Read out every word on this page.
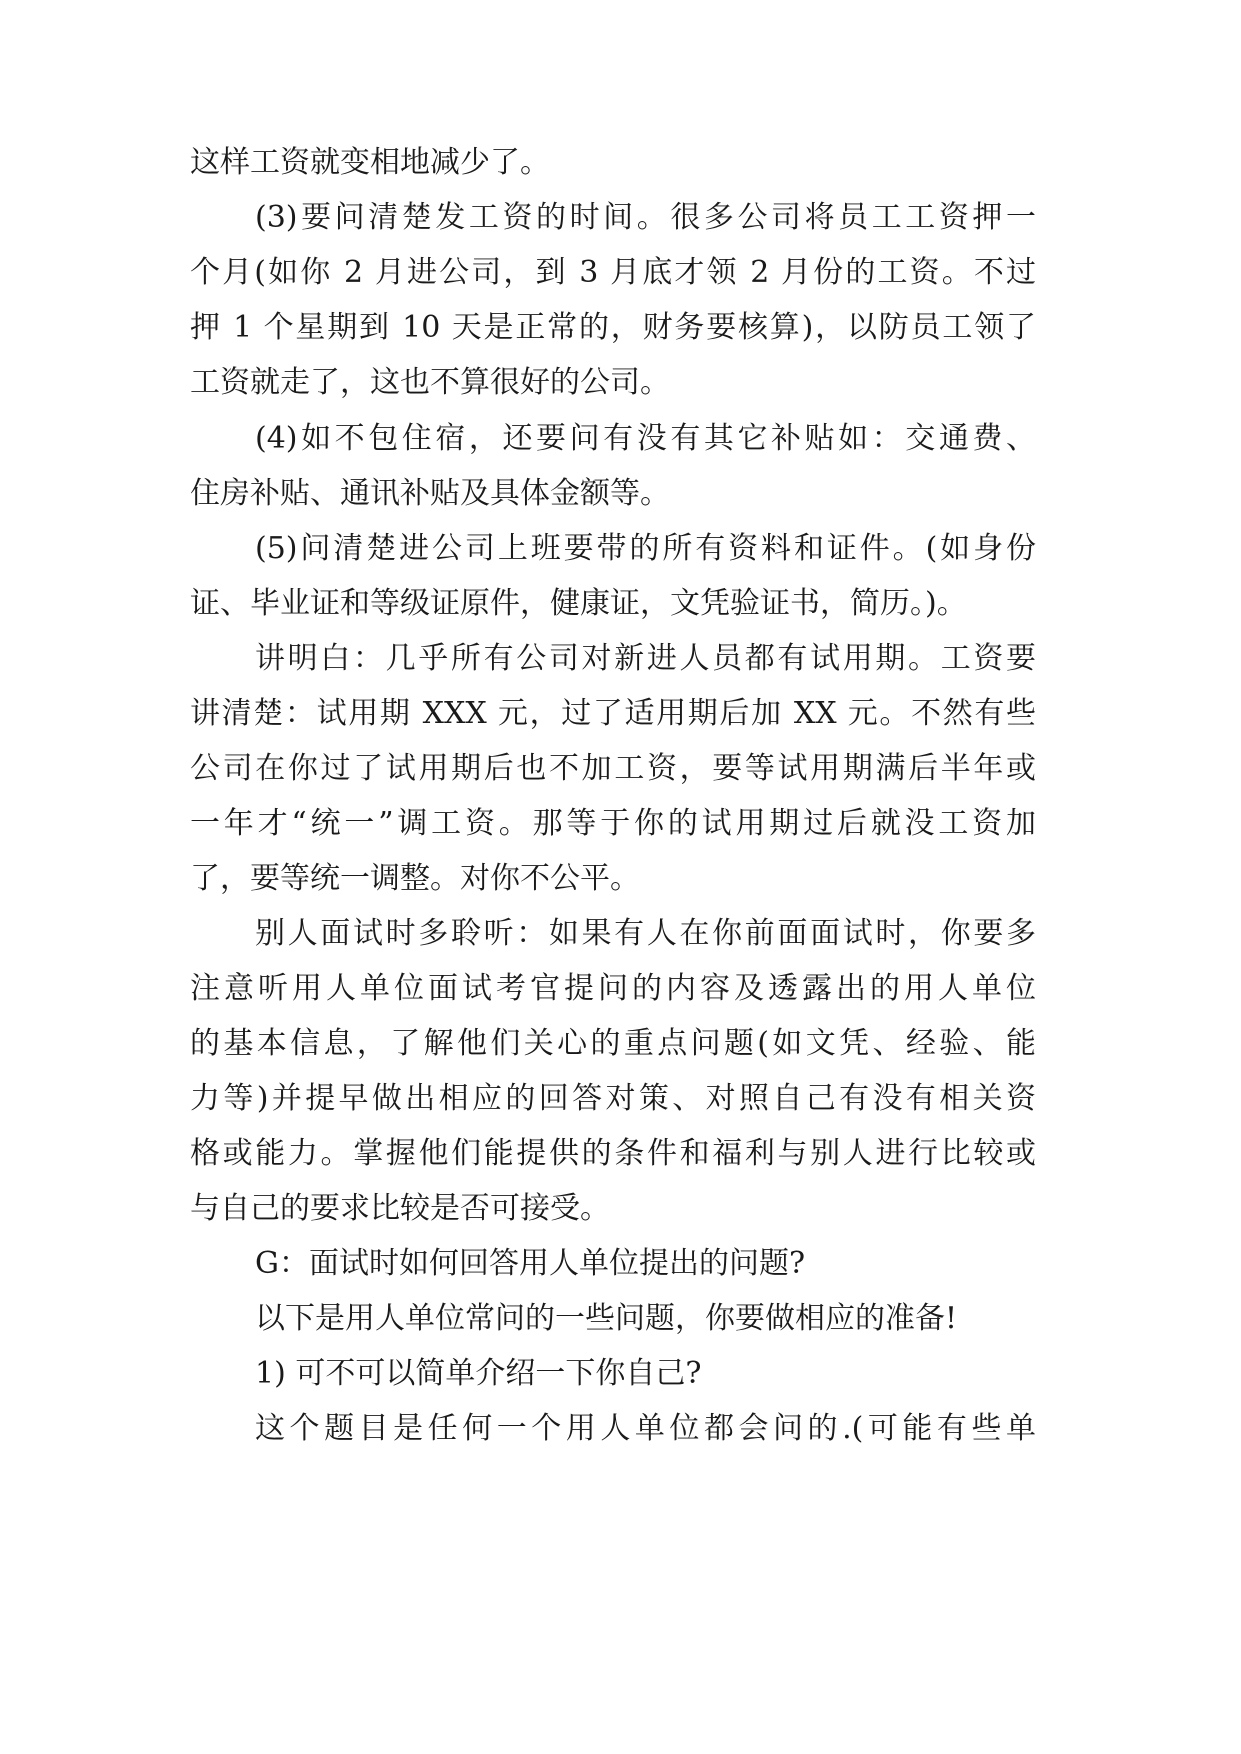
这样工资就变相地减少了。

(3)要问清楚发工资的时间。很多公司将员工工资押一

个月(如你 2 月进公司，到 3 月底才领 2 月份的工资。不过

押 1 个星期到 10 天是正常的，财务要核算)，以防员工领了

工资就走了，这也不算很好的公司。

(4)如不包住宿，还要问有没有其它补贴如：交通费、

住房补贴、通讯补贴及具体金额等。

(5)问清楚进公司上班要带的所有资料和证件。(如身份

证、毕业证和等级证原件，健康证，文凭验证书，简历。)。

讲明白：几乎所有公司对新进人员都有试用期。工资要

讲清楚：试用期 XXX 元，过了适用期后加 XX 元。不然有些

公司在你过了试用期后也不加工资，要等试用期满后半年或

一年才“统一”调工资。那等于你的试用期过后就没工资加

了，要等统一调整。对你不公平。

别人面试时多聆听：如果有人在你前面面试时，你要多

注意听用人单位面试考官提问的内容及透露出的用人单位

的基本信息，了解他们关心的重点问题(如文凭、经验、能

力等)并提早做出相应的回答对策、对照自己有没有相关资

格或能力。掌握他们能提供的条件和福利与别人进行比较或

与自己的要求比较是否可接受。

G：面试时如何回答用人单位提出的问题?

以下是用人单位常问的一些问题，你要做相应的准备!

1) 可不可以简单介绍一下你自己?

这个题目是任何一个用人单位都会问的.(可能有些单
